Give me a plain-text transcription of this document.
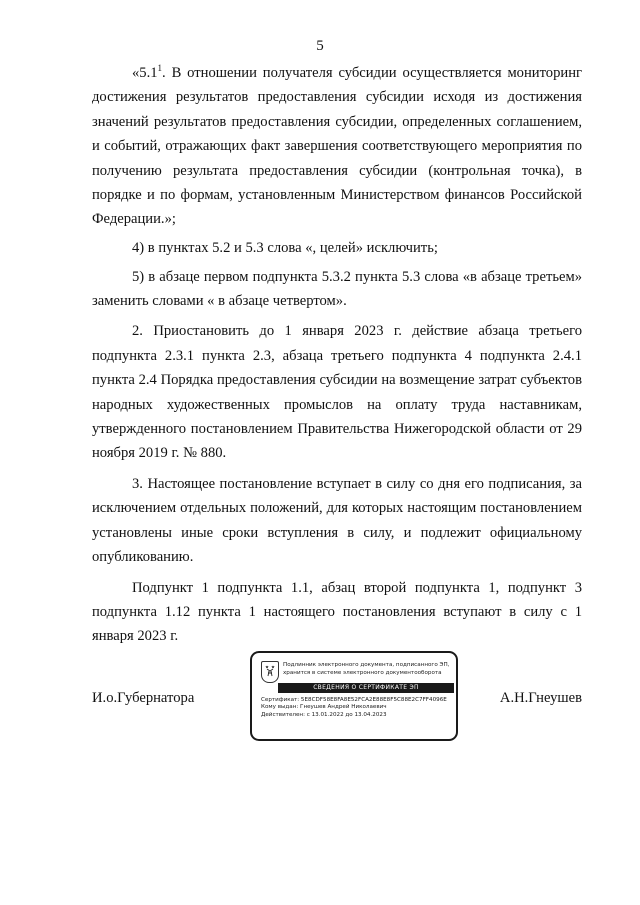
5

«$5.1^1$. В отношении получателя субсидии осуществляется мониторинг достижения результатов предоставления субсидии исходя из достижения значений результатов предоставления субсидии, определенных соглашением, и событий, отражающих факт завершения соответствующего мероприятия по получению результата предоставления субсидии (контрольная точка), в порядке и по формам, установленным Министерством финансов Российской Федерации.»;

4) в пунктах 5.2 и 5.3 слова «, целей» исключить;

5) в абзаце первом подпункта 5.3.2 пункта 5.3 слова «в абзаце третьем» заменить словами « в абзаце четвертом».

2. Приостановить до 1 января 2023 г. действие абзаца третьего подпункта 2.3.1 пункта 2.3, абзаца третьего подпункта 4 подпункта 2.4.1 пункта 2.4 Порядка предоставления субсидии на возмещение затрат субъектов народных художественных промыслов на оплату труда наставникам, утвержденного постановлением Правительства Нижегородской области от 29 ноября 2019 г. № 880.

3. Настоящее постановление вступает в силу со дня его подписания, за исключением отдельных положений, для которых настоящим постановлением установлены иные сроки вступления в силу, и подлежит официальному опубликованию.

Подпункт 1 подпункта 1.1, абзац второй подпункта 1, подпункт 3 подпункта 1.12 пункта 1 настоящего постановления вступают в силу с 1 января 2023 г.

И.о.Губернатора
Подлинник электронного документа, подписанного ЭП,
хранится в системе электронного документооборота
СВЕДЕНИЯ О СЕРТИФИКАТЕ ЭП
Сертификат: 5E8CDF58E8FA8E52FCA2E88E8F5C88E2C7FF4096E
Кому выдан: Гнеушев Андрей Николаевич
Действителен: с 13.01.2022 до 13.04.2023
А.Н.Гнеушев
